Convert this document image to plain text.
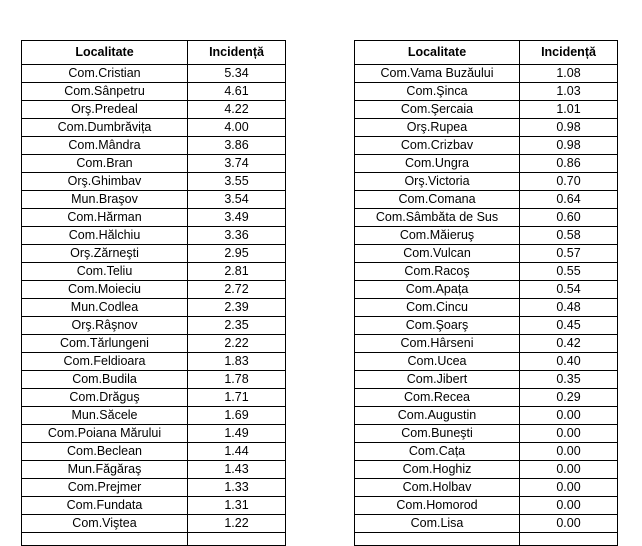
Localitate	Incidență
Com.Cristian	5.34
Com.Sânpetru	4.61
Orş.Predeal	4.22
Com.Dumbrăvița	4.00
Com.Mândra	3.86
Com.Bran	3.74
Orş.Ghimbav	3.55
Mun.Braşov	3.54
Com.Hărman	3.49
Com.Hălchiu	3.36
Orş.Zărneşti	2.95
Com.Teliu	2.81
Com.Moieciu	2.72
Mun.Codlea	2.39
Orş.Râşnov	2.35
Com.Tărlungeni	2.22
Com.Feldioara	1.83
Com.Budila	1.78
Com.Drăguş	1.71
Mun.Săcele	1.69
Com.Poiana Mărului	1.49
Com.Beclean	1.44
Mun.Făgăraş	1.43
Com.Prejmer	1.33
Com.Fundata	1.31
Com.Viştea	1.22

Localitate	Incidență
Com.Vama Buzăului	1.08
Com.Şinca	1.03
Com.Şercaia	1.01
Orş.Rupea	0.98
Com.Crizbav	0.98
Com.Ungra	0.86
Orş.Victoria	0.70
Com.Comana	0.64
Com.Sâmbăta de Sus	0.60
Com.Măieruş	0.58
Com.Vulcan	0.57
Com.Racoş	0.55
Com.Apața	0.54
Com.Cincu	0.48
Com.Şoarş	0.45
Com.Hârseni	0.42
Com.Ucea	0.40
Com.Jibert	0.35
Com.Recea	0.29
Com.Augustin	0.00
Com.Buneşti	0.00
Com.Cața	0.00
Com.Hoghiz	0.00
Com.Holbav	0.00
Com.Homorod	0.00
Com.Lisa	0.00
